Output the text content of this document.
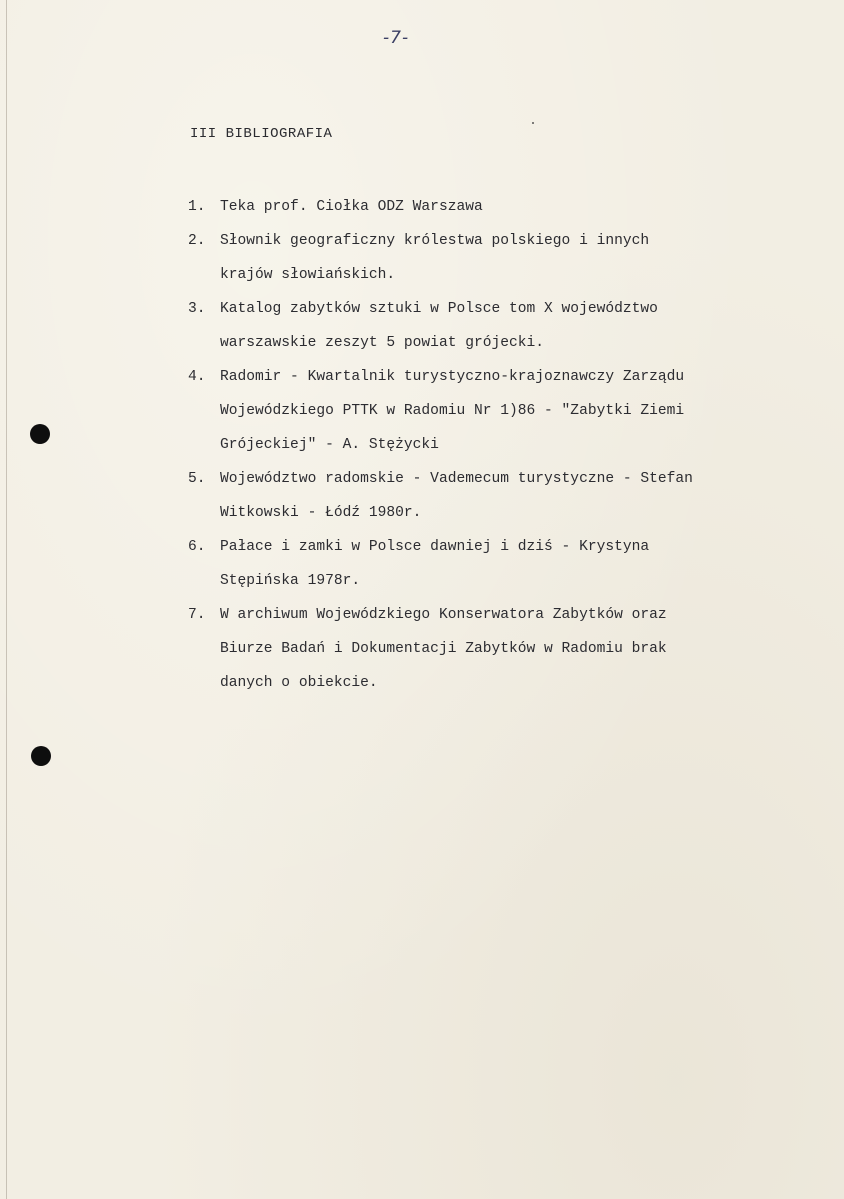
-7-
III BIBLIOGRAFIA
1. Teka prof. Ciołka ODZ Warszawa
2. Słownik geograficzny królestwa polskiego i innych
krajów słowiańskich.
3. Katalog zabytków sztuki w Polsce tom X województwo
warszawskie zeszyt 5 powiat grójecki.
4. Radomir - Kwartalnik turystyczno-krajoznawczy Zarządu
Wojewódzkiego PTTK w Radomiu Nr 1)86 - "Zabytki Ziemi
Grójeckiej" - A. Stężycki
5. Województwo radomskie - Vademecum turystyczne - Stefan
Witkowski - Łódź 1980r.
6. Pałace i zamki w Polsce dawniej i dziś - Krystyna
Stępińska 1978r.
7. W archiwum Wojewódzkiego Konserwatora Zabytków oraz
Biurze Badań i Dokumentacji Zabytków w Radomiu brak
danych o obiekcie.
